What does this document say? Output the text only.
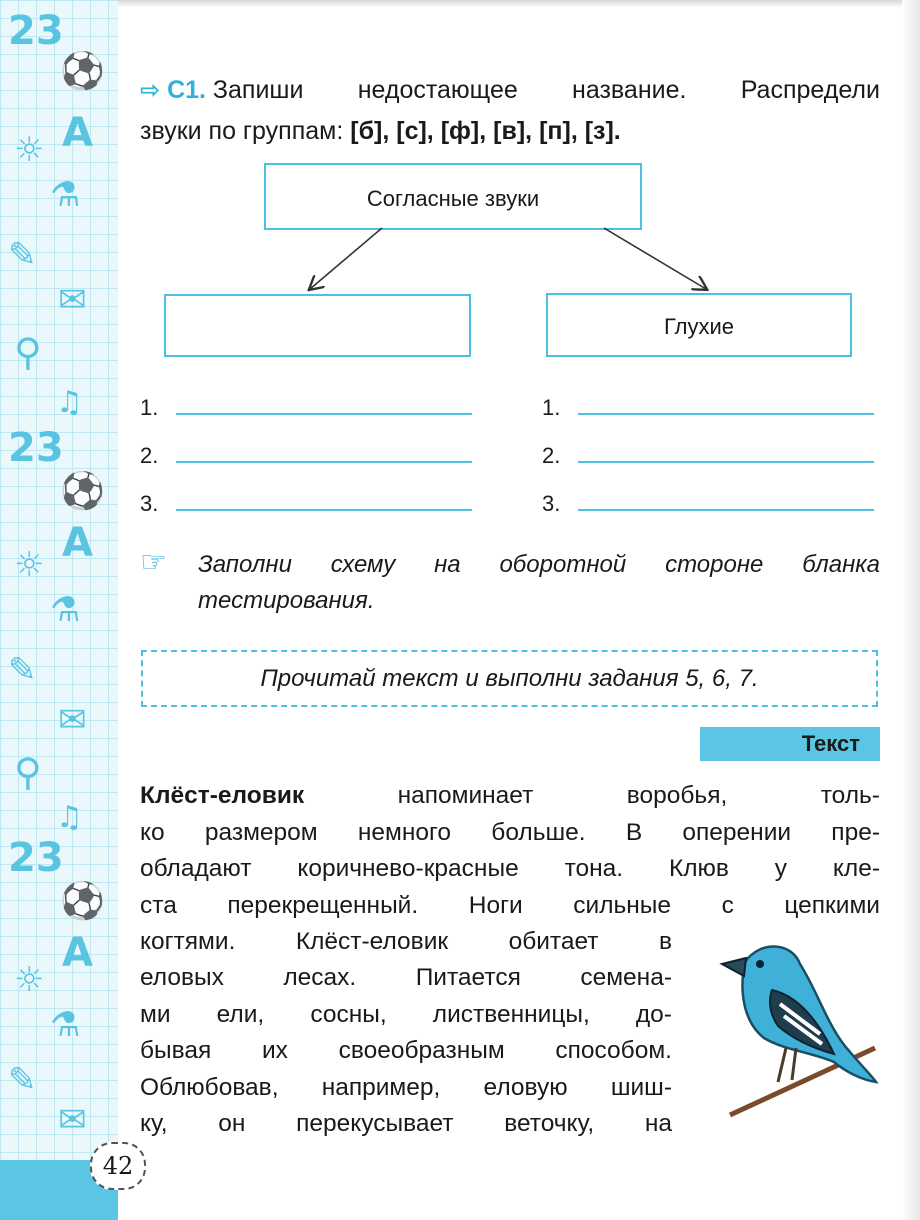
23
⚽
A
☼
⚗
✎
✉
⚲
♫
23
⚽
A
☼
⚗
✎
✉
⚲
♫
23
⚽
A
☼
⚗
✎
✉
⇨ C1. Запиши недостающее название. Распредели
звуки по группам: [б], [с], [ф], [в], [п], [з].
Согласные звуки
Глухие
1.
2.
3.
1.
2.
3.
☞ Заполни схему на оборотной стороне бланка
тестирования.
Прочитай текст и выполни задания 5, 6, 7.
Текст
Клёст-еловик	напоминает	воробья,	толь-
ко размером немного больше. В оперении пре-
обладают коричнево-красные тона. Клюв у кле-
ста перекрещенный. Ноги сильные с цепкими
когтями. Клёст-еловик обитает в
еловых лесах. Питается семена-
ми ели, сосны, лиственницы, до-
бывая их своеобразным способом.
Облюбовав, например, еловую шиш-
ку, он перекусывает веточку, на
42
